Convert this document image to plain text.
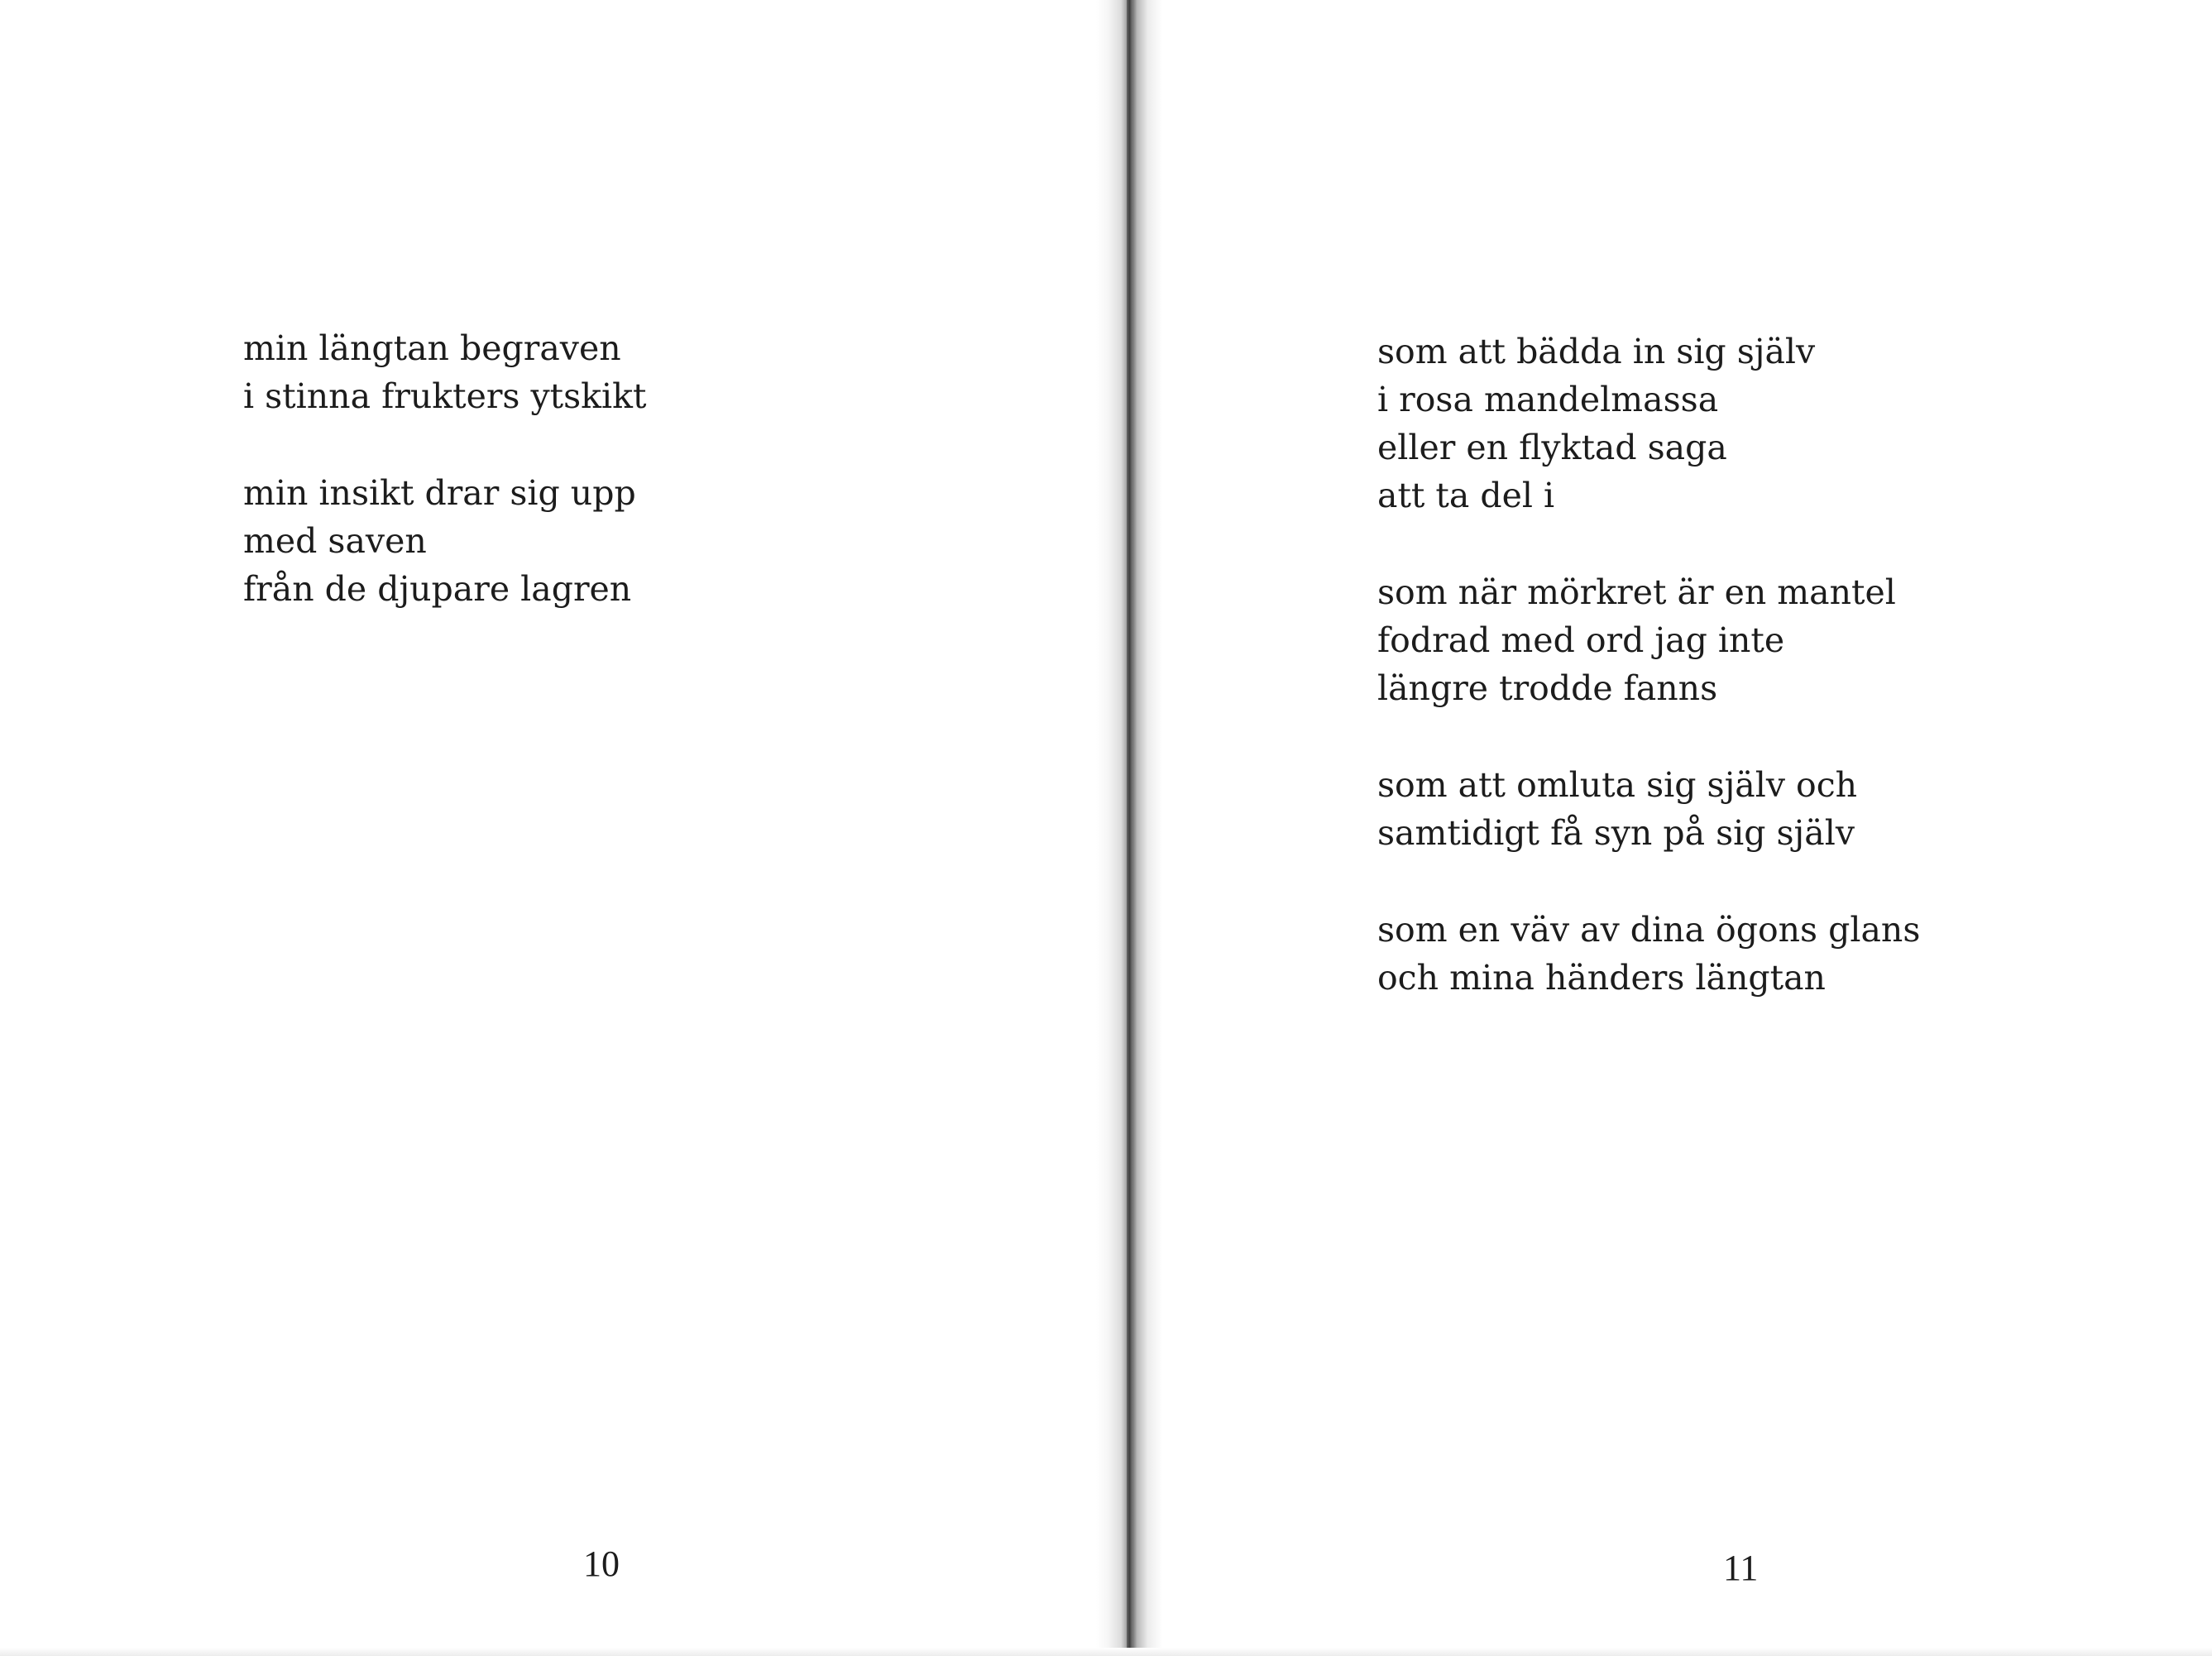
min längtan begraven
i stinna frukters ytskikt
min insikt drar sig upp
med saven
från de djupare lagren
10
som att bädda in sig själv
i rosa mandelmassa
eller en flyktad saga
att ta del i
som när mörkret är en mantel
fodrad med ord jag inte
längre trodde fanns
som att omluta sig själv och
samtidigt få syn på sig själv
som en väv av dina ögons glans
och mina händers längtan
11
